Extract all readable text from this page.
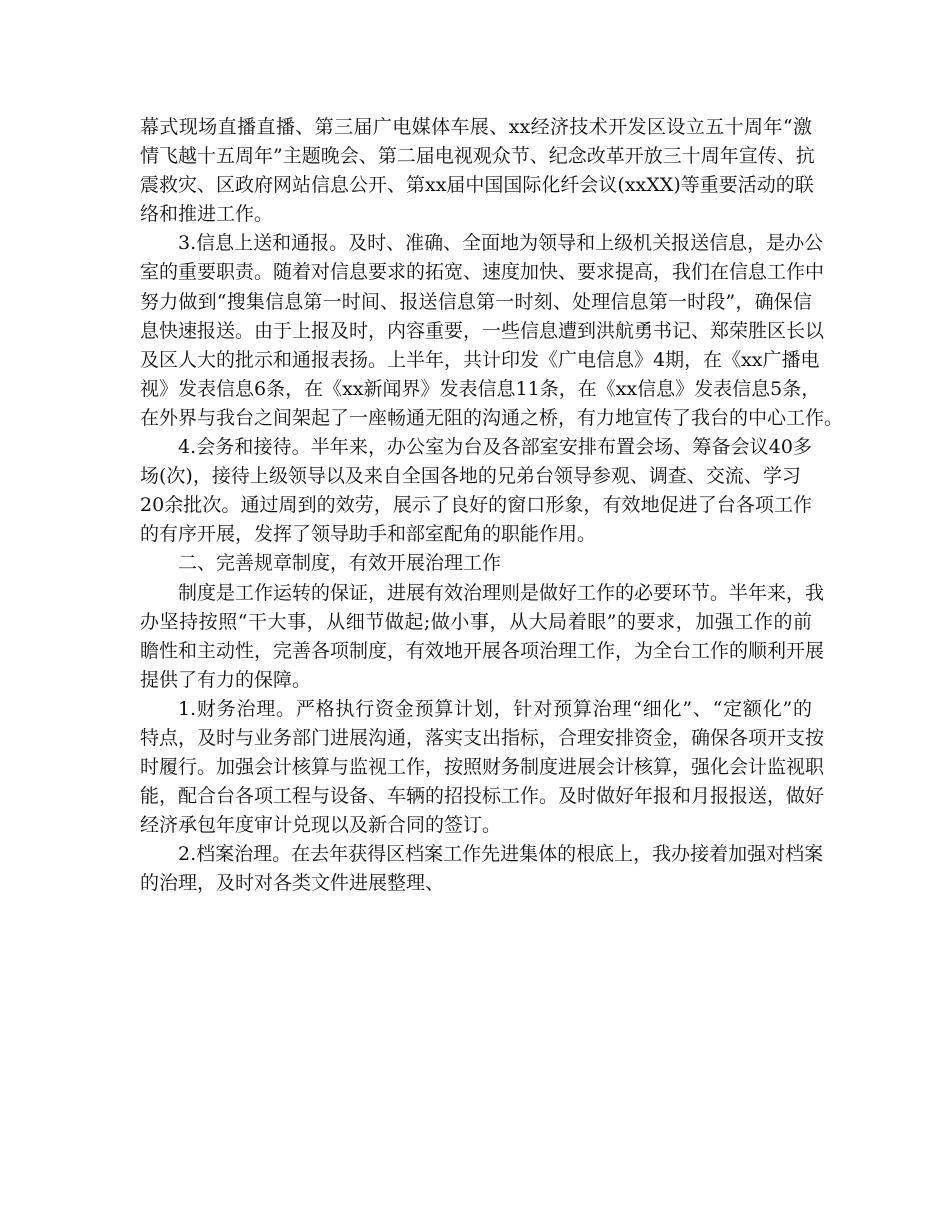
幕式现场直播直播、第三届广电媒体车展、xx经济技术开发区设立五十周年“激
情飞越十五周年”主题晚会、第二届电视观众节、纪念改革开放三十周年宣传、抗
震救灾、区政府网站信息公开、第xx届中国国际化纤会议(xxXX)等重要活动的联
络和推进工作。
3.信息上送和通报。及时、准确、全面地为领导和上级机关报送信息，是办公
室的重要职责。随着对信息要求的拓宽、速度加快、要求提高，我们在信息工作中
努力做到“搜集信息第一时间、报送信息第一时刻、处理信息第一时段”，确保信
息快速报送。由于上报及时，内容重要，一些信息遭到洪航勇书记、郑荣胜区长以
及区人大的批示和通报表扬。上半年，共计印发《广电信息》4期，在《xx广播电
视》发表信息6条，在《xx新闻界》发表信息11条，在《xx信息》发表信息5条，
在外界与我台之间架起了一座畅通无阻的沟通之桥，有力地宣传了我台的中心工作。
4.会务和接待。半年来，办公室为台及各部室安排布置会场、筹备会议40多
场(次)，接待上级领导以及来自全国各地的兄弟台领导参观、调查、交流、学习
20余批次。通过周到的效劳，展示了良好的窗口形象，有效地促进了台各项工作
的有序开展，发挥了领导助手和部室配角的职能作用。
二、完善规章制度，有效开展治理工作
制度是工作运转的保证，进展有效治理则是做好工作的必要环节。半年来，我
办坚持按照“干大事，从细节做起;做小事，从大局着眼”的要求，加强工作的前
瞻性和主动性，完善各项制度，有效地开展各项治理工作，为全台工作的顺利开展
提供了有力的保障。
1.财务治理。严格执行资金预算计划，针对预算治理“细化”、“定额化”的
特点，及时与业务部门进展沟通，落实支出指标，合理安排资金，确保各项开支按
时履行。加强会计核算与监视工作，按照财务制度进展会计核算，强化会计监视职
能，配合台各项工程与设备、车辆的招投标工作。及时做好年报和月报报送，做好
经济承包年度审计兑现以及新合同的签订。
2.档案治理。在去年获得区档案工作先进集体的根底上，我办接着加强对档案
的治理，及时对各类文件进展整理、
